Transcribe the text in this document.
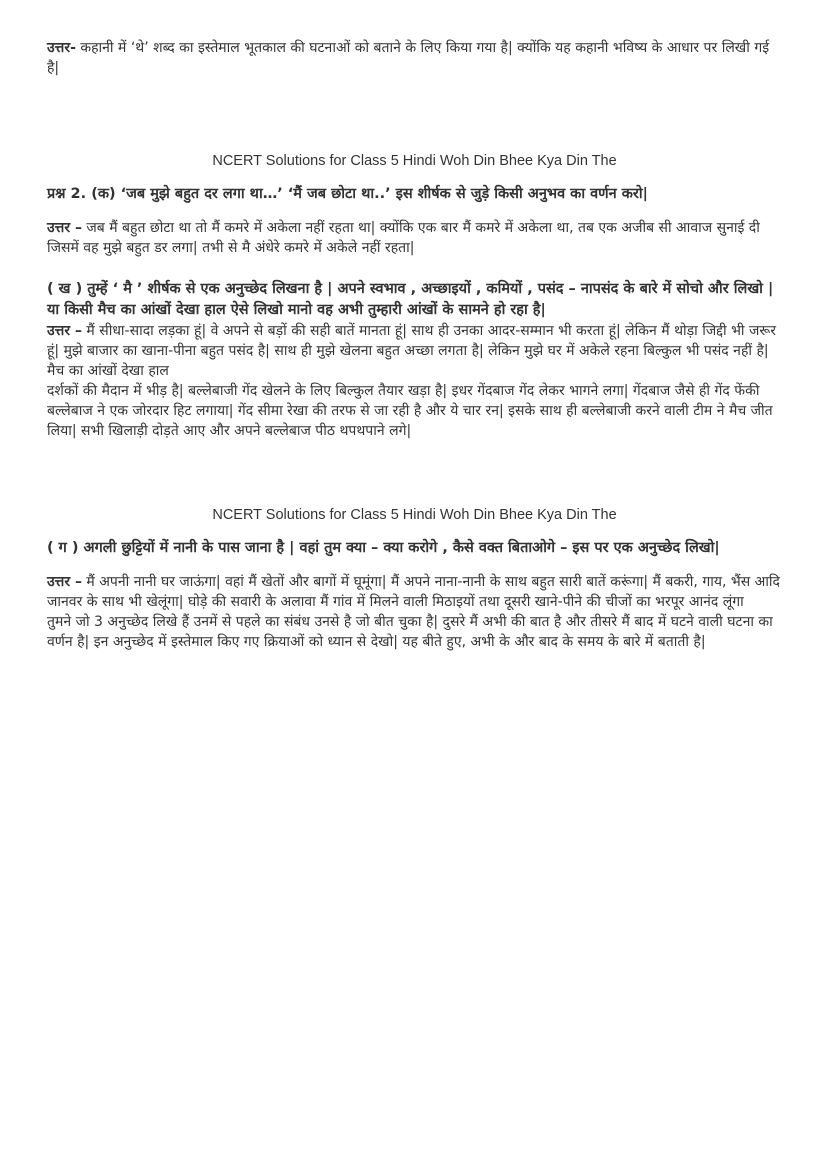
उत्तर- कहानी में ‘थे’ शब्द का इस्तेमाल भूतकाल की घटनाओं को बताने के लिए किया गया है| क्योंकि यह कहानी भविष्य के आधार पर लिखी गई है|

NCERT Solutions for Class 5 Hindi Woh Din Bhee Kya Din The

प्रश्न 2. (क) ‘जब मुझे बहुत दर लगा था…’ ‘मैं जब छोटा था..’ इस शीर्षक से जुड़े किसी अनुभव का वर्णन करो|

उत्तर – जब मैं बहुत छोटा था तो मैं कमरे में अकेला नहीं रहता था| क्योंकि एक बार मैं कमरे में अकेला था, तब एक अजीब सी आवाज सुनाई दी जिसमें वह मुझे बहुत डर लगा| तभी से मै अंधेरे कमरे में अकेले नहीं रहता|

( ख ) तुम्हें ‘ मै ’ शीर्षक से एक अनुच्छेद लिखना है | अपने स्वभाव , अच्छाइयों , कमियों , पसंद – नापसंद के बारे में सोचो और लिखो | या किसी मैच का आंखों देखा हाल ऐसे लिखो मानो वह अभी तुम्हारी आंखों के सामने हो रहा है|

उत्तर – मैं सीधा-सादा लड़का हूं| वे अपने से बड़ों की सही बातें मानता हूं| साथ ही उनका आदर-सम्मान भी करता हूं| लेकिन मैं थोड़ा जिद्दी भी जरूर हूं| मुझे बाजार का खाना-पीना बहुत पसंद है| साथ ही मुझे खेलना बहुत अच्छा लगता है| लेकिन मुझे घर में अकेले रहना बिल्कुल भी पसंद नहीं है|

मैच का आंखों देखा हाल

दर्शकों की मैदान में भीड़ है| बल्लेबाजी गेंद खेलने के लिए बिल्कुल तैयार खड़ा है| इधर गेंदबाज गेंद लेकर भागने लगा| गेंदबाज जैसे ही गेंद फेंकी बल्लेबाज ने एक जोरदार हिट लगाया| गेंद सीमा रेखा की तरफ से जा रही है और ये चार रन| इसके साथ ही बल्लेबाजी करने वाली टीम ने मैच जीत लिया| सभी खिलाड़ी दोड़ते आए और अपने बल्लेबाज पीठ थपथपाने लगे|

NCERT Solutions for Class 5 Hindi Woh Din Bhee Kya Din The

( ग ) अगली छुट्टियों में नानी के पास जाना है | वहां तुम क्या – क्या करोगे , कैसे वक्त बिताओगे – इस पर एक अनुच्छेद लिखो|

उत्तर – मैं अपनी नानी घर जाऊंगा| वहां मैं खेतों और बागों में घूमूंगा| मैं अपने नाना-नानी के साथ बहुत सारी बातें करूंगा| मैं बकरी, गाय, भैंस आदि जानवर के साथ भी खेलूंगा| घोड़े की सवारी के अलावा मैं गांव में मिलने वाली मिठाइयों तथा दूसरी खाने-पीने की चीजों का भरपूर आनंद लूंगा

तुमने जो 3 अनुच्छेद लिखे हैं उनमें से पहले का संबंध उनसे है जो बीत चुका है| दुसरे मैं अभी की बात है और तीसरे मैं बाद में घटने वाली घटना का वर्णन है| इन अनुच्छेद में इस्तेमाल किए गए क्रियाओं को ध्यान से देखो| यह बीते हुए, अभी के और बाद के समय के बारे में बताती है|
